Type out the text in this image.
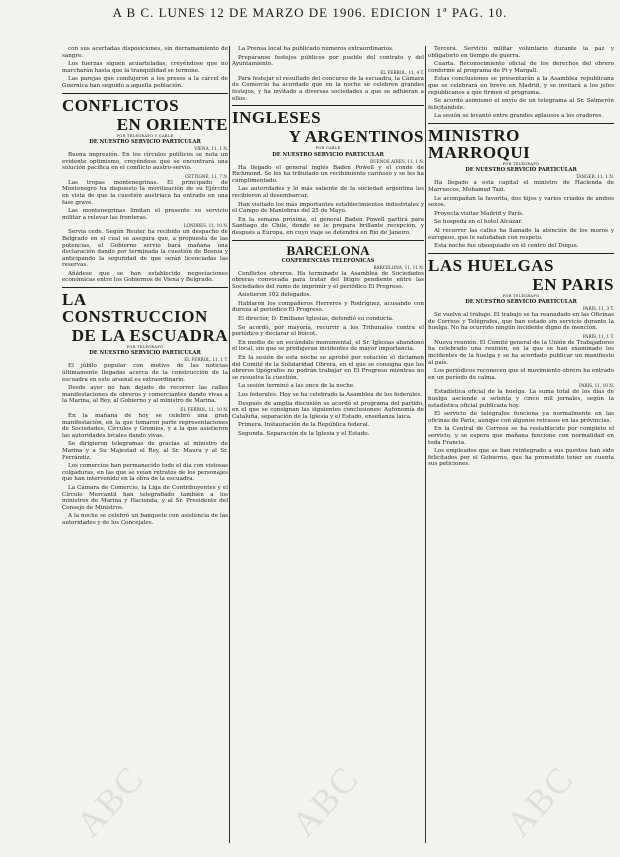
A B C. LUNES 12 DE MARZO DE 1906. EDICION 1ª PAG. 10.

con sus acertadas disposiciones, sin derramamiento de sangre.

Los fuerzas siguen acuarteladas, creyéndose que no marcharán hasta que la tranquilidad se termine.

Las parejas que condujeron a los presos a la cárcel de Guernica han seguido a aquella población.

CONFLICTOS
EN ORIENTE
POR TELÉGRAFO Y CABLE
DE NUESTRO SERVICIO PARTICULAR
VIENA, 11, 1 N.

Buena impresión. En los círculos políticos se nota un evidente optimismo, creyéndose que se encontrará una solución pacífica en el conflicto austro-servio.

CETTIGNÉ, 11, 7 N.

Las tropas montenegrinas. El principado de Montenegro ha dispuesto la movilización de su Ejército en vista de que la cuestión austriaca ha entrado en una fase grave.

Las montenegrinas limitan el presente su servicio militar a relevar las fronteras.

LONDRES, 11, 10 N.

Servia cede. Según Reuter ha recibido un despacho de Belgrado en el cual se asegura que, a propuesta de las potencias, el Gobierno servio hará mañana una declaración dando por terminada la cuestión de Bosnia y anticipando la seguridad de que serán licenciadas las reservas.

Añádese que se han establecido negociaciones económicas entre los Gobiernos de Viena y Belgrado.

LA CONSTRUCCION
DE LA ESCUADRA
POR TELÉGRAFO
DE NUESTRO SERVICIO PARTICULAR
EL FERROL, 11, 1 T.

El júbilo popular con motivo de las noticias últimamente llegadas acerca de la construcción de la escuadra en este arsenal es extraordinario.

Desde ayer no han dejado de recorrer las calles manifestaciones de obreros y comerciantes dando vivas a la Marina, al Rey, al Gobierno y al ministro de Marina.

EL FERROL, 11, 10 N.

En la mañana de hoy se celebró una gran manifestación, en la que tomaron parte representaciones de Sociedades, Círculos y Gremios, y a la que asistieron las autoridades locales dando vivas.

Se dirigieron telegramas de gracias al ministro de Marina y a Su Majestad el Rey, al Sr. Maura y al Sr. Ferrándiz.

Los comercios han permanecido todo el día con vistosas colgaduras, en las que se veían retratos de los personajes que han intervenido en la obra de la escuadra.

La Cámara de Comercio, la Liga de Contribuyentes y el Círculo Mercantil han telegrafiado también a los ministros de Marina y Hacienda, y al Sr. Presidente del Consejo de Ministros.

A la noche se celebró un banquete con asistencia de las autoridades y de los Concejales.

La Prensa local ha publicado números extraordinarios.

Prepáranse festejos públicos por pueblo del contrato y del Ayuntamiento.

EL FERROL, 11, 4 T.

Para festejar el resultado del concurso de la escuadra, la Cámara de Comercio ha acordado que en la noche se celebren grandes festejos, y ha invitado a diversas sociedades a que se adhieran a ellos.

INGLESES
Y ARGENTINOS
POR CABLE
DE NUESTRO SERVICIO PARTICULAR
BUENOS AIRES, 11, 1 N.

Ha llegado el general inglés Baden Powell y el conde de Richmond. Se les ha tributado un recibimiento cariñoso y se les ha cumplimentado.

Las autoridades y lo más saliente de la sociedad argentina les recibieron al desembarcar.

Han visitado los más importantes establecimientos industriales y el Campo de Maniobras del 25 de Mayo.

En la semana próxima, el general Baden Powell partirá para Santiago de Chile, donde se le prepara brillante recepción, y después a Europa, en cuyo viaje se detendrá en Río de Janeiro.

BARCELONA
CONFERENCIAS TELEFÓNICAS
BARCELONA, 11, 11 N.

Conflictos obreros. Ha terminado la Asamblea de Sociedades obreras convocada para tratar del litigio pendiente entre las Sociedades del ramo de imprimir y el periódico El Progreso.

Asistieron 102 delegados.

Hablaron los compañeros Herreros y Rodríguez, acusando con dureza al periódico El Progreso.

El director, D. Emiliano Iglesias, defendió su conducta.

Se acordó, por mayoría, recurrir a los Tribunales contra el periódico y declarar el boicot.

En medio de un escándalo monumental, el Sr. Iglesias abandonó el local, sin que se produjeran incidentes de mayor importancia.

En la sesión de esta noche se aprobó por votación el dictamen del Comité de la Solidaridad Obrera, en el que se consigna que los obreros tipógrafos no podrán trabajar en El Progreso mientras no se resuelva la cuestión.

La sesión terminó a las once de la noche.

Los federales. Hoy se ha celebrado la Asamblea de los federales.

Después de amplia discusión se acordó el programa del partido, en el que se consignan las siguientes conclusiones: Autonomía de Cataluña, separación de la Iglesia y el Estado, enseñanza laica.

Primera. Instauración de la República federal.

Segunda. Separación de la Iglesia y el Estado.

Tercera. Servicio militar voluntario durante la paz y obligatorio en tiempo de guerra.

Cuarta. Reconocimiento oficial de los derechos del obrero conforme al programa de Pi y Margall.

Estas conclusiones se presentarán a la Asamblea republicana que se celebrará en breve en Madrid, y se invitará a los jefes republicanos a que firmen el programa.

Se acordó asimismo el envío de un telegrama al Sr. Salmerón felicitándole.

La sesión se levantó entre grandes aplausos a los oradores.

MINISTRO MARROQUI
POR TELÉGRAFO
DE NUESTRO SERVICIO PARTICULAR
TÁNGER, 11, 1 N.

Ha llegado a esta capital el ministro de Hacienda de Marruecos, Mohamed Tazi.

Le acompañan la favorita, dos hijos y varios criados de ambos sexos.

Proyecta visitar Madrid y París.

Se hospeda en el hotel Alcázar.

Al recorrer las calles ha llamado la atención de los moros y europeos, que le saludaban con respeto.

Esta noche fue obsequiado en el centro del Duque.

LAS HUELGAS
EN PARIS
POR TELÉGRAFO
DE NUESTRO SERVICIO PARTICULAR
PARÍS, 11, 3 T.

Se vuelve al trabajo. El trabajo se ha reanudado en las Oficinas de Correos y Telégrafos, que han estado sin servicio durante la huelga. No ha ocurrido ningún incidente digno de mención.

PARÍS, 11, 1 T.

Nueva reunión. El Comité general de la Unión de Trabajadores ha celebrado una reunión, en la que se han examinado los incidentes de la huelga y se ha acordado publicar un manifiesto al país.

Los periódicos reconocen que el movimiento obrero ha entrado en un período de calma.

PARÍS, 11, 10 N.

Estadística oficial de la huelga. La suma total de los días de huelga asciende a setenta y cinco mil jornales, según la estadística oficial publicada hoy.

El servicio de telégrafos funciona ya normalmente en las oficinas de París, aunque con algunos retrasos en las provincias.

En la Central de Correos se ha restablecido por completo el servicio, y se espera que mañana funcione con normalidad en toda Francia.

Los empleados que se han reintegrado a sus puestos han sido felicitados por el Gobierno, que ha prometido tener en cuenta sus peticiones.

ABC	ABC	ABC
